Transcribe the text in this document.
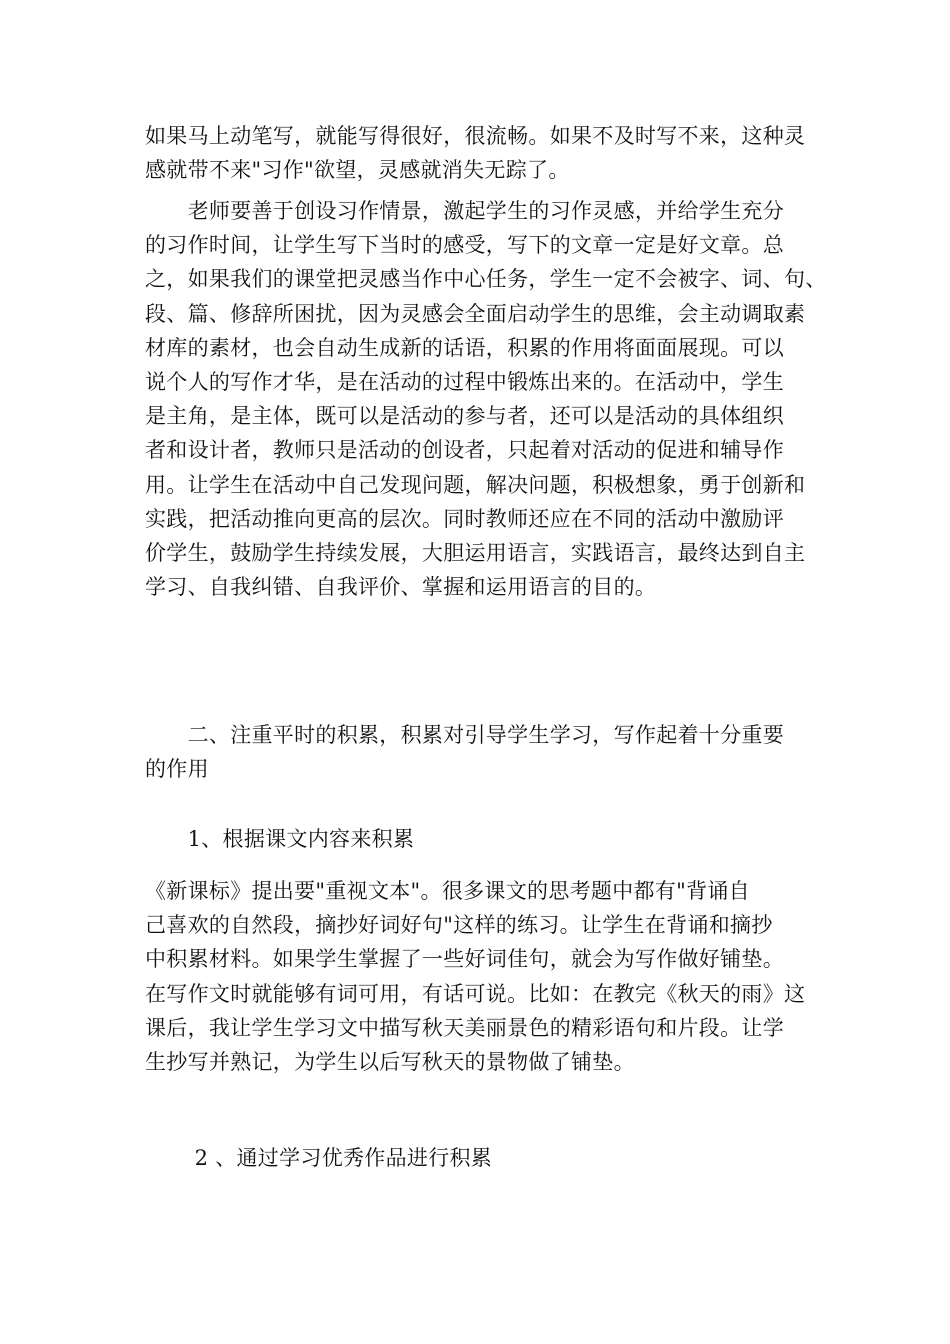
如果马上动笔写，就能写得很好，很流畅。如果不及时写不来，这种灵
感就带不来"习作"欲望，灵感就消失无踪了。

　　老师要善于创设习作情景，激起学生的习作灵感，并给学生充分
的习作时间，让学生写下当时的感受，写下的文章一定是好文章。总
之，如果我们的课堂把灵感当作中心任务，学生一定不会被字、词、句、
段、篇、修辞所困扰，因为灵感会全面启动学生的思维，会主动调取素
材库的素材，也会自动生成新的话语，积累的作用将面面展现。可以
说个人的写作才华，是在活动的过程中锻炼出来的。在活动中，学生
是主角，是主体，既可以是活动的参与者，还可以是活动的具体组织
者和设计者，教师只是活动的创设者，只起着对活动的促进和辅导作
用。让学生在活动中自己发现问题，解决问题，积极想象，勇于创新和
实践，把活动推向更高的层次。同时教师还应在不同的活动中激励评
价学生，鼓励学生持续发展，大胆运用语言，实践语言，最终达到自主
学习、自我纠错、自我评价、掌握和运用语言的目的。

　　二、注重平时的积累，积累对引导学生学习，写作起着十分重要
的作用

　　1、根据课文内容来积累

《新课标》提出要"重视文本"。很多课文的思考题中都有"背诵自
己喜欢的自然段，摘抄好词好句"这样的练习。让学生在背诵和摘抄
中积累材料。如果学生掌握了一些好词佳句，就会为写作做好铺垫。
在写作文时就能够有词可用，有话可说。比如：在教完《秋天的雨》这
课后，我让学生学习文中描写秋天美丽景色的精彩语句和片段。让学
生抄写并熟记，为学生以后写秋天的景物做了铺垫。

　　 2 、通过学习优秀作品进行积累
